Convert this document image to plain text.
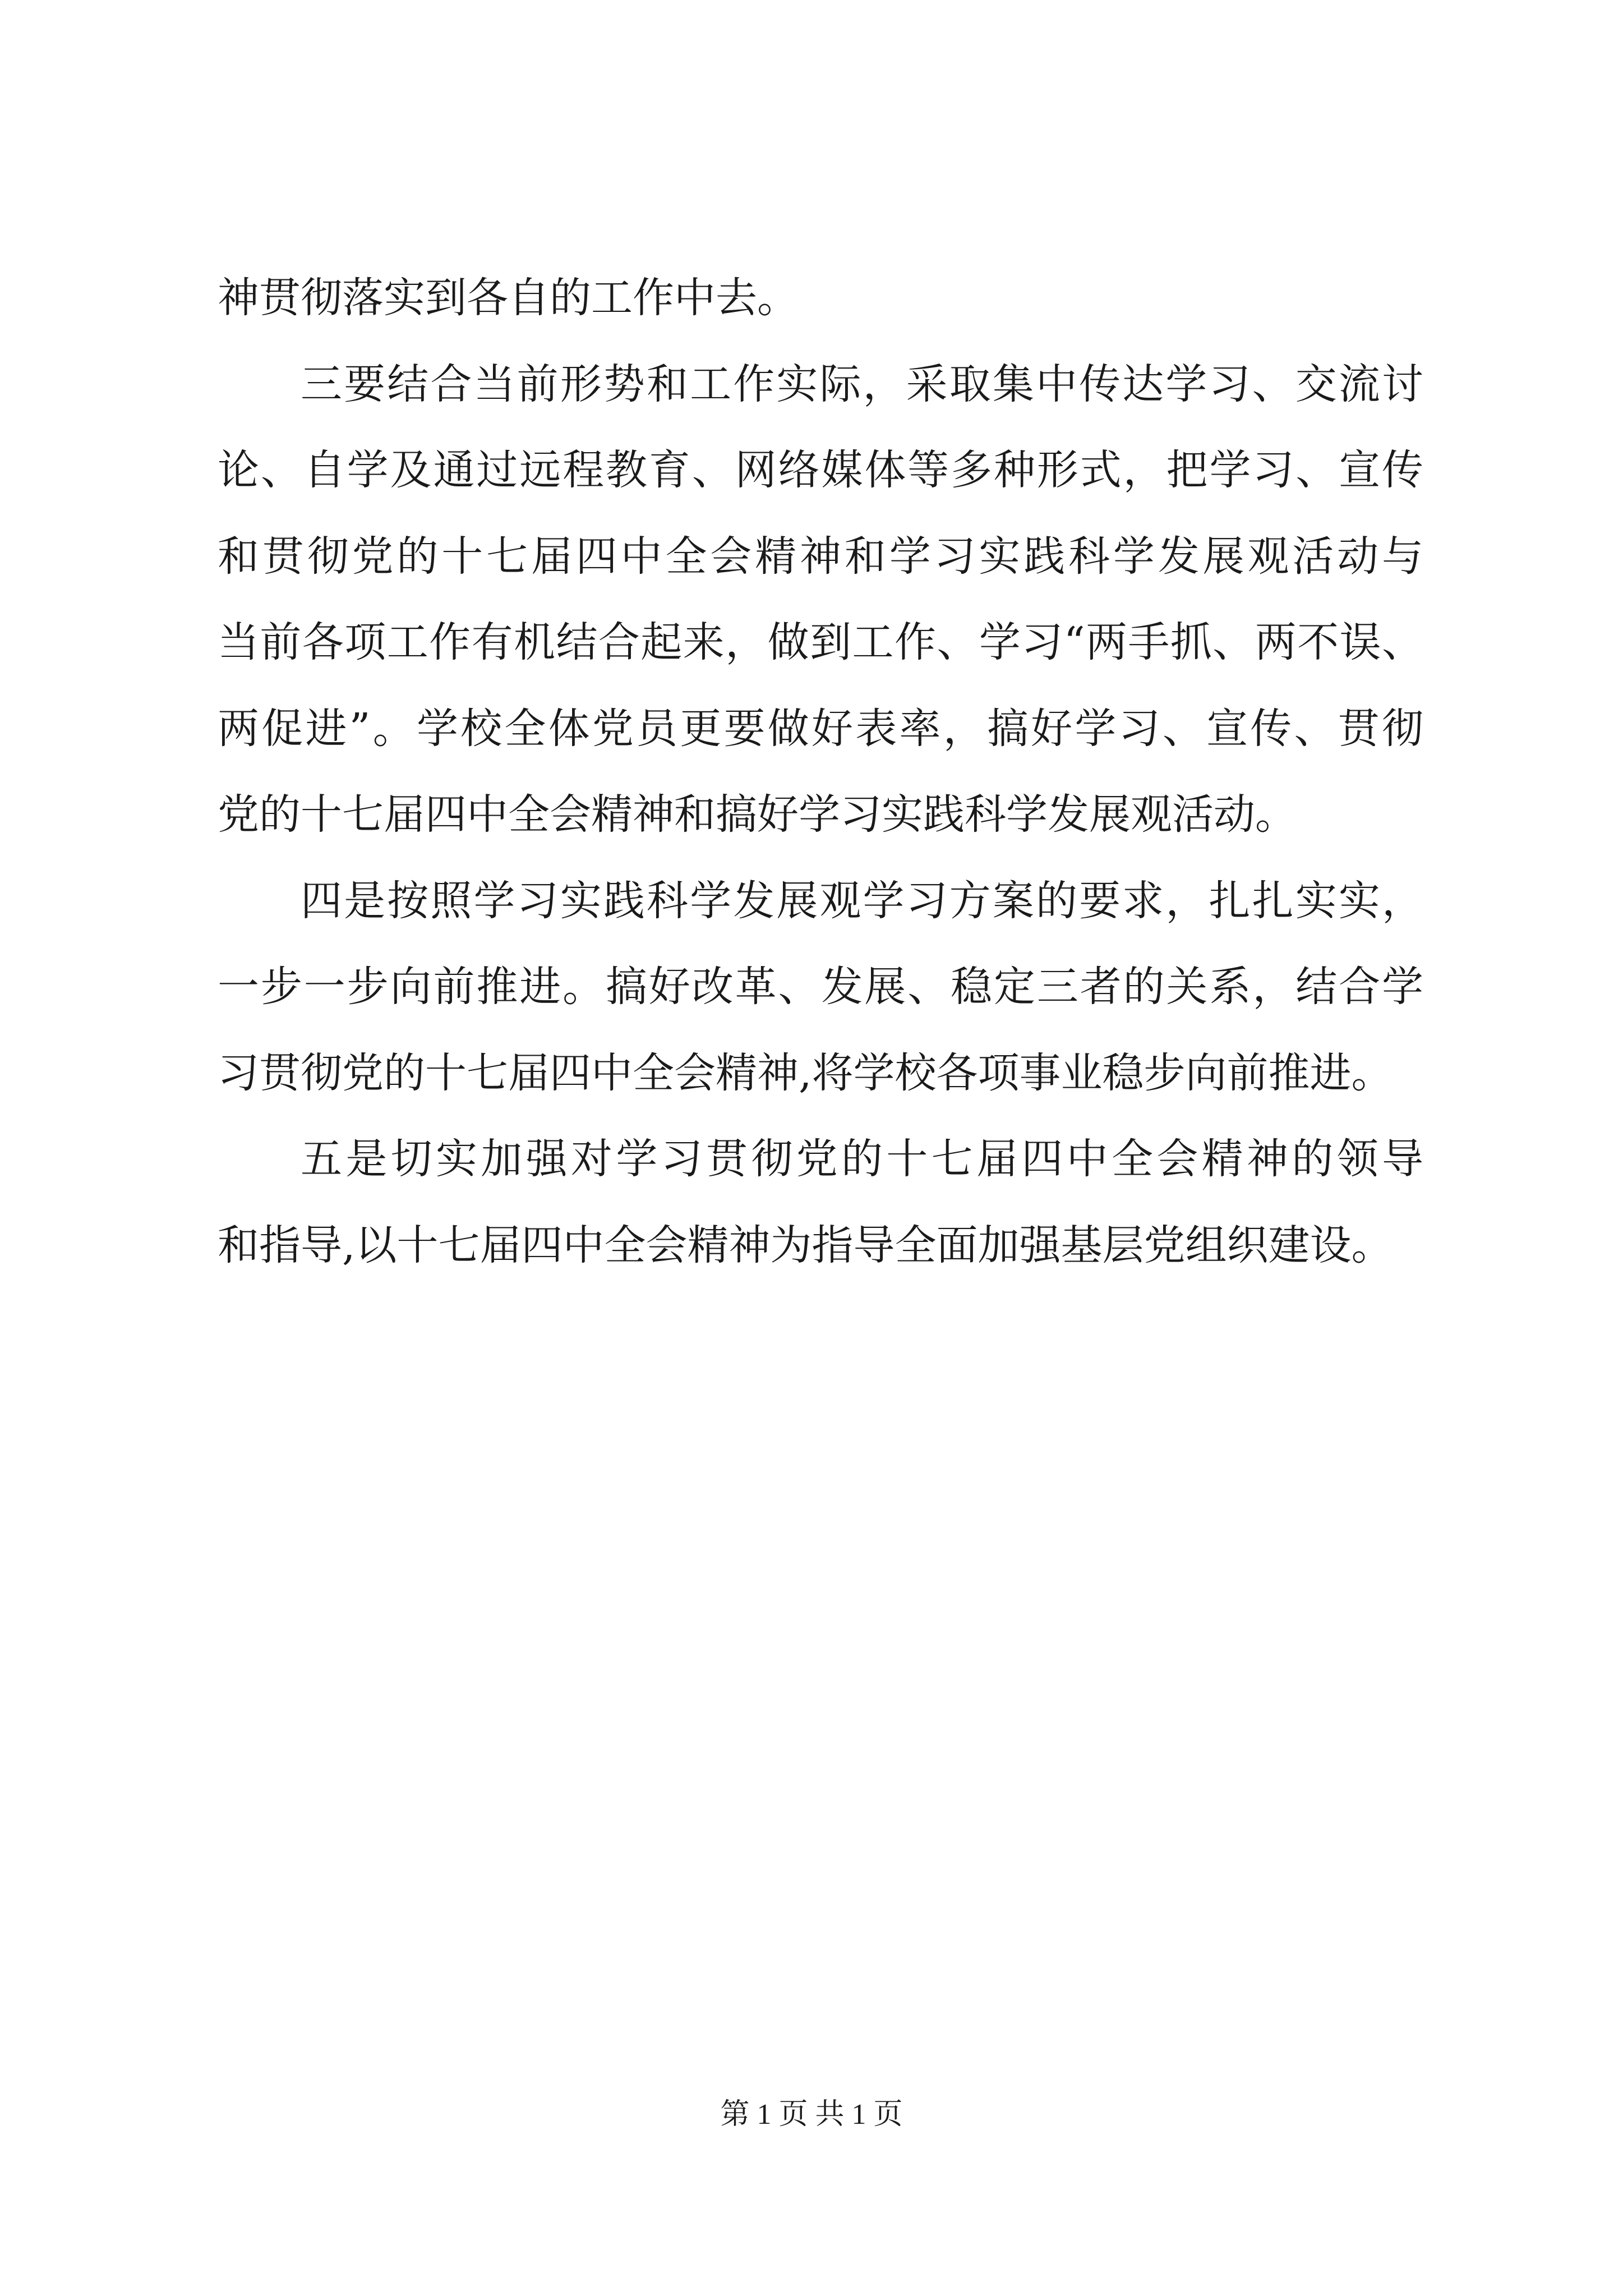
神贯彻落实到各自的工作中去。
三要结合当前形势和工作实际，采取集中传达学习、交流讨
论、自学及通过远程教育、网络媒体等多种形式，把学习、宣传
和贯彻党的十七届四中全会精神和学习实践科学发展观活动与
当前各项工作有机结合起来，做到工作、学习“两手抓、两不误、
两促进”。学校全体党员更要做好表率，搞好学习、宣传、贯彻
党的十七届四中全会精神和搞好学习实践科学发展观活动。
四是按照学习实践科学发展观学习方案的要求，扎扎实实，
一步一步向前推进。搞好改革、发展、稳定三者的关系，结合学
习贯彻党的十七届四中全会精神,将学校各项事业稳步向前推进。
五是切实加强对学习贯彻党的十七届四中全会精神的领导
和指导,以十七届四中全会精神为指导全面加强基层党组织建设。
第 1 页 共 1 页
